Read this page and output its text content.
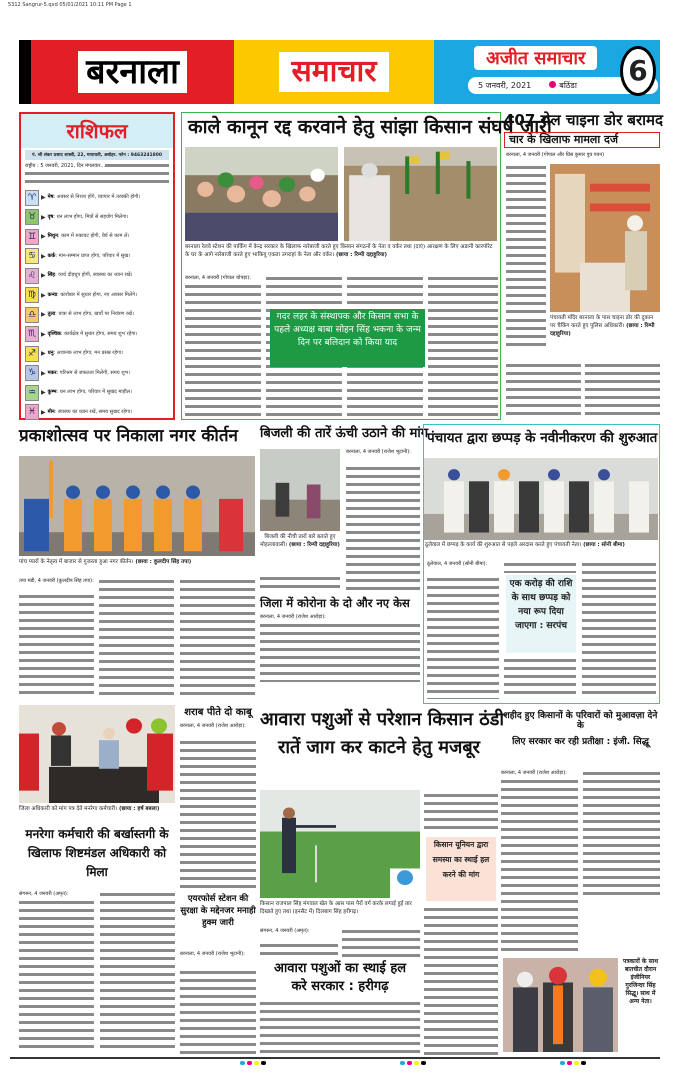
5312 Sangrur-5.qxd 05/01/2021 10:11 PM Page 1
बरनाला	समाचार	अजीत समाचार
5 जनवरी, 2021	बठिंडा 6
राशिफल
पं. श्री शंकर प्रसाद शास्त्री, 22, मायावती, अबोहर. फोन : 9463241800
राष्ट्रीय : 5 जनवरी, 2021, दिन मंगलवार...
♈ ▶ मेष: अवसर से निराश होंगे, व्यापार में तरक्की होगी।
♉ ▶ वृष: धन लाभ होगा, मित्रों से सहयोग मिलेगा।
♊ ▶ मिथुन: काम में रुकावट होगी, धैर्य से काम लें।
♋ ▶ कर्क: मान-सम्मान प्राप्त होगा, परिवार में सुख।
♌ ▶ सिंह: व्यर्थ दौड़धूप होगी, स्वास्थ्य का ध्यान रखें।
♍ ▶ कन्या: कारोबार में सुधार होगा, नए अवसर मिलेंगे।
♎ ▶ तुला: यात्रा से लाभ होगा, खर्चों पर नियंत्रण रखें।
♏ ▶ वृश्चिक: कार्यक्षेत्र में सुधार होगा, समय शुभ रहेगा।
♐ ▶ धनु: अचानक लाभ होगा, मन प्रसन्न रहेगा।
♑ ▶ मकर: परिश्रम से सफलता मिलेगी, समय शुभ।
♒ ▶ कुम्भ: धन लाभ होगा, परिवार में सुखद माहौल।
♓ ▶ मीन: स्वास्थ्य का ध्यान रखें, समय सुखद रहेगा।
काले कानून रद्द करवाने हेतु सांझा किसान संघर्ष जारी
बरनाला रेलवे स्टेशन की पार्किंग में केन्द्र सरकार के खिलाफ नारेबाजी करते हुए किसान संगठनों के नेता व वर्कर तथा (दाएं) आरक्षण के लिए अडानी कारपोरेट के घर के आगे नारेबाजी करते हुए भाकियू एकता उगराहां के नेता और वर्कर। (छाया : रिम्पी दद्दाहूरिया)
बरनाला, 4 जनवरी (गोपाल चोपड़ा):
गदर लहर के संस्थापक और किसान सभा के पहले अध्यक्ष बाबा सोहन सिंह भकना के जन्म दिन पर बलिदान को किया याद
407 रोल चाइना डोर बरामद
चार के खिलाफ मामला दर्ज
बरनाला, 4 जनवरी (गोपाल और प्रिंस कुमार पुत्र पवन)
पंचायती मंदिर बरनाला के पास चाइना डोर की दुकान पर चैकिंग करते हुए पुलिस अधिकारी। (छाया : रिम्पी दद्दाहूरिया)
प्रकाशोत्सव पर निकाला नगर कीर्तन
पांच प्यारों के नेतृत्व में बाजार से गुजरता हुआ नगर कीर्तन। (छाया : कुलदीप सिंह तपा)
तपा मंडी, 4 जनवरी (कुलदीप सिंह तपा):
बिजली की तारें ऊंची उठाने की मांग
बिजली की नीची तारों बारे बताते हुए मोहल्लावासी। (छाया : रिम्पी दद्दाहूरिया)
बरनाला, 4 जनवरी (राजेश भूटानी):
जिला में कोरोना के दो और नए केस
बरनाला, 4 जनवरी (राजेश आरोड़ा):
पंचायत द्वारा छप्पड़ के नवीनीकरण की शुरुआत
ठूलेवाल में छप्पड़ के कार्य की शुरुआत से पहले अरदास करते हुए पंचायती नेता। (छाया : सोनी बीमा)
ठूलेवाल, 4 जनवरी (सोनी बीमा):
एक करोड़ की राशि के साथ छप्पड़ को नया रूप दिया जाएगा : सरपंच
जिला अधिकारी को मांग पत्र देते मनरेगा कर्मचारी। (छाया : हर्ष बबला)
मनरेगा कर्मचारी की बर्खास्तगी के खिलाफ शिष्टमंडल अधिकारी को मिला
संगरूर, 4 जनवरी (अमृत):
शराब पीते दो काबू
बरनाला, 4 जनवरी (राजेश आरोड़ा):
एयरफोर्स स्टेशन की सुरक्षा के मद्देनजर मनाही हुक्म जारी
बरनाला, 4 जनवरी (राजेश भूटानी):
आवारा पशुओं से परेशान किसान ठंडी
रातें जाग कर काटने हेतु मजबूर
किसान राजपाल सिंह मंगवाल खेत के आस पास पैरों वर्ग करके लगाई हुई तार दिखाते हुए तथा (इनसैट में) दिलबाग सिंह हरीगढ़।
संगरूर, 4 जनवरी (अमृत):
आवारा पशुओं का स्थाई हल
करे सरकार : हरीगढ़
किसान यूनियन द्वारा समस्या का स्थाई हल करने की मांग
शहीद हुए किसानों के परिवारों को मुआवज़ा देने के
लिए सरकार कर रही प्रतीक्षा : इंजी. सिद्धू
बरनाला, 4 जनवरी (राजेश आरोड़ा):
पत्रकारों के साथ बातचीत दौरान इंजीनियर गुरजिन्दर सिंह सिद्धू। साथ में अन्य नेता।
